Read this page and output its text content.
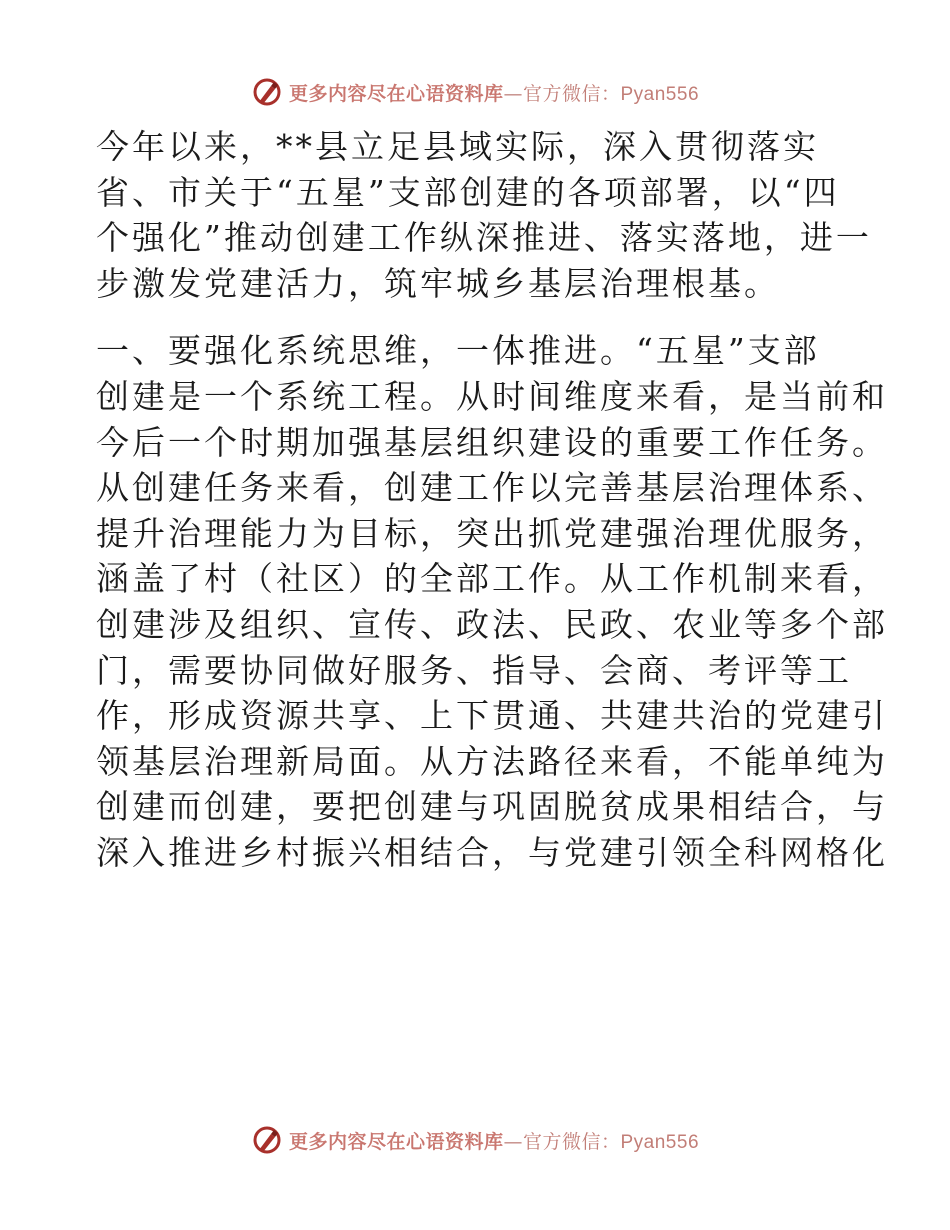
更多内容尽在心语资料库—官方微信：Pyan556

今年以来，**县立足县域实际，深入贯彻落实
省、市关于“五星”支部创建的各项部署，以“四
个强化”推动创建工作纵深推进、落实落地，进一
步激发党建活力，筑牢城乡基层治理根基。

一、要强化系统思维，一体推进。“五星”支部
创建是一个系统工程。从时间维度来看，是当前和
今后一个时期加强基层组织建设的重要工作任务。
从创建任务来看，创建工作以完善基层治理体系、
提升治理能力为目标，突出抓党建强治理优服务，
涵盖了村（社区）的全部工作。从工作机制来看，
创建涉及组织、宣传、政法、民政、农业等多个部
门，需要协同做好服务、指导、会商、考评等工
作，形成资源共享、上下贯通、共建共治的党建引
领基层治理新局面。从方法路径来看，不能单纯为
创建而创建，要把创建与巩固脱贫成果相结合，与
深入推进乡村振兴相结合，与党建引领全科网格化

更多内容尽在心语资料库—官方微信：Pyan556
